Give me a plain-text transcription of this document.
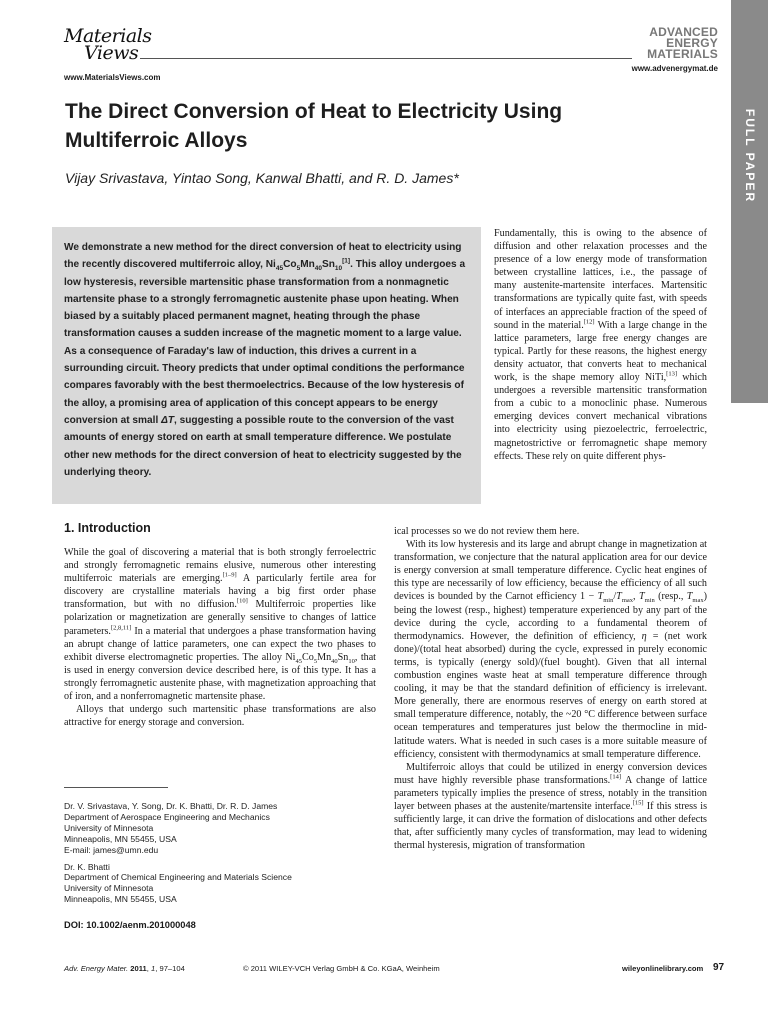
Materials
Views
www.MaterialsViews.com
ADVANCED
ENERGY
MATERIALS
www.advenergymat.de
FULL PAPER
The Direct Conversion of Heat to Electricity Using Multiferroic Alloys
Vijay Srivastava, Yintao Song, Kanwal Bhatti, and R. D. James*

We demonstrate a new method for the direct conversion of heat to electricity using the recently discovered multiferroic alloy, $Ni_{45}Co_5Mn_{40}Sn_{10}[1]$. This alloy undergoes a low hysteresis, reversible martensitic phase transformation from a nonmagnetic martensite phase to a strongly ferromagnetic austenite phase upon heating. When biased by a suitably placed permanent magnet, heating through the phase transformation causes a sudden increase of the magnetic moment to a large value. As a consequence of Faraday's law of induction, this drives a current in a surrounding circuit. Theory predicts that under optimal conditions the performance compares favorably with the best thermoelectrics. Because of the low hysteresis of the alloy, a promising area of application of this concept appears to be energy conversion at small ΔT, suggesting a possible route to the conversion of the vast amounts of energy stored on earth at small temperature difference. We postulate other new methods for the direct conversion of heat to electricity suggested by the underlying theory.

Fundamentally, this is owing to the absence of diffusion and other relaxation processes and the presence of a low energy mode of transformation between crystalline lattices, i.e., the passage of many austenite-martensite interfaces. Martensitic transformations are typically quite fast, with speeds of interfaces an appreciable fraction of the speed of sound in the material.[12] With a large change in the lattice parameters, large free energy changes are typical. Partly for these reasons, the highest energy density actuator, that converts heat to mechanical work, is the shape memory alloy NiTi,[13] which undergoes a reversible martensitic transformation from a cubic to a monoclinic phase. Numerous emerging devices convert mechanical vibrations into electricity using piezoelectric, ferroelectric, magnetostrictive or ferromagnetic shape memory effects. These rely on quite different phys-

ical processes so we do not review them here.

With its low hysteresis and its large and abrupt change in magnetization at transformation, we conjecture that the natural application area for our device is energy conversion at small temperature difference. Cyclic heat engines of this type are necessarily of low efficiency, because the efficiency of all such devices is bounded by the Carnot efficiency $1 - T_{min}/T_{max}$, $T_{min}$ (resp., $T_{max}$) being the lowest (resp., highest) temperature experienced by any part of the device during the cycle, according to a fundamental theorem of thermodynamics. However, the definition of efficiency, η = (net work done)/(total heat absorbed) during the cycle, expressed in purely economic terms, is typically (energy sold)/(fuel bought). Given that all internal combustion engines waste heat at small temperature difference through cooling, it may be that the standard definition of efficiency is irrelevant. More generally, there are enormous reserves of energy on earth stored at small temperature difference, notably, the ~20 °C difference between surface ocean temperatures and temperatures just below the thermocline in mid-latitude waters. What is needed in such cases is a more suitable measure of efficiency, consistent with thermodynamics at small temperature difference.

Multiferroic alloys that could be utilized in energy conversion devices must have highly reversible phase transformations.[14] A change of lattice parameters typically implies the presence of stress, notably in the transition layer between phases at the austenite/martensite interface.[15] If this stress is sufficiently large, it can drive the formation of dislocations and other defects that, after sufficiently many cycles of transformation, may lead to widening thermal hysteresis, migration of transformation

1. Introduction

While the goal of discovering a material that is both strongly ferroelectric and strongly ferromagnetic remains elusive, numerous other interesting multiferroic materials are emerging.[1–9] A particularly fertile area for discovery are crystalline materials having a big first order phase transformation, but with no diffusion.[10] Multiferroic properties like polarization or magnetization are generally sensitive to changes of lattice parameters.[2,8,11] In a material that undergoes a phase transformation having an abrupt change of lattice parameters, one can expect the two phases to exhibit diverse electromagnetic properties. The alloy $Ni_{45}Co_5Mn_{40}Sn_{10}$, that is used in energy conversion device described here, is of this type. It has a strongly ferromagnetic austenite phase, with magnetization approaching that of iron, and a nonferromagnetic martensite phase.

Alloys that undergo such martensitic phase transformations are also attractive for energy storage and conversion.

Dr. V. Srivastava, Y. Song, Dr. K. Bhatti, Dr. R. D. James

Department of Aerospace Engineering and Mechanics

University of Minnesota

Minneapolis, MN 55455, USA

E-mail: james@umn.edu

Dr. K. Bhatti

Department of Chemical Engineering and Materials Science

University of Minnesota

Minneapolis, MN 55455, USA

DOI: 10.1002/aenm.201000048
Adv. Energy Mater. 2011, 1, 97–104	© 2011 WILEY-VCH Verlag GmbH & Co. KGaA, Weinheim	wileyonlinelibrary.com 97
